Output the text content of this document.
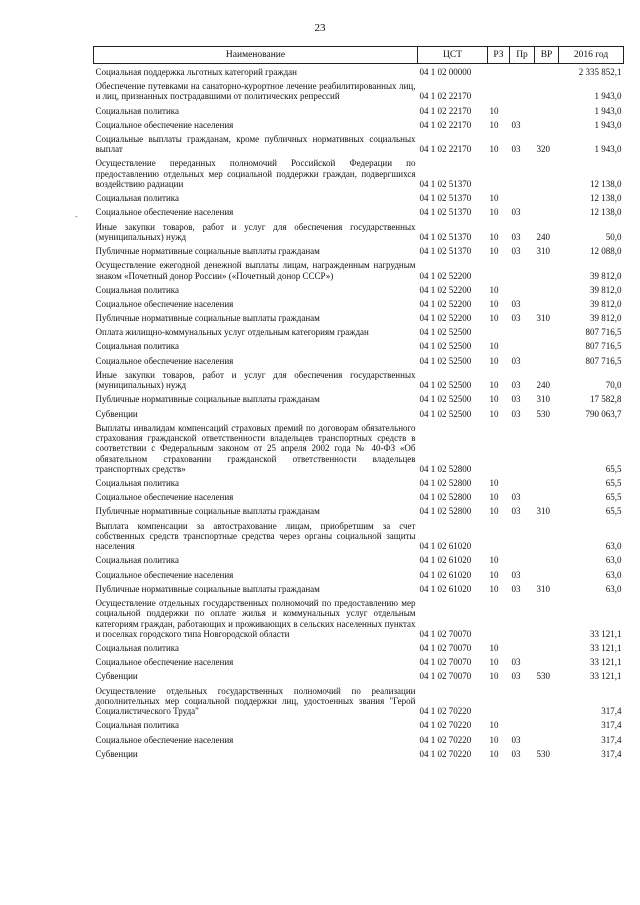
23
-
Наименование	ЦСТ	РЗ	Пр	ВР	2016 год
Социальная поддержка льготных категорий граждан	04 1 02 00000				2 335 852,1
Обеспечение путевками на санаторно-курортное лечение реабилитированных лиц, и лиц, признанных пострадавшими от политических репрессий	04 1 02 22170				1 943,0
Социальная политика	04 1 02 22170	10			1 943,0
Социальное обеспечение населения	04 1 02 22170	10	03		1 943,0
Социальные выплаты гражданам, кроме публичных нормативных социальных выплат	04 1 02 22170	10	03	320	1 943,0
Осуществление переданных полномочий Российской Федерации по предоставлению отдельных мер социальной поддержки граждан, подвергшихся воздействию радиации	04 1 02 51370				12 138,0
Социальная политика	04 1 02 51370	10			12 138,0
Социальное обеспечение населения	04 1 02 51370	10	03		12 138,0
Иные закупки товаров, работ и услуг для обеспечения государственных (муниципальных) нужд	04 1 02 51370	10	03	240	50,0
Публичные нормативные социальные выплаты гражданам	04 1 02 51370	10	03	310	12 088,0
Осуществление ежегодной денежной выплаты лицам, награжденным нагрудным знаком «Почетный донор России» («Почетный донор СССР»)	04 1 02 52200				39 812,0
Социальная политика	04 1 02 52200	10			39 812,0
Социальное обеспечение населения	04 1 02 52200	10	03		39 812,0
Публичные нормативные социальные выплаты гражданам	04 1 02 52200	10	03	310	39 812,0
Оплата жилищно-коммунальных услуг отдельным категориям граждан	04 1 02 52500				807 716,5
Социальная политика	04 1 02 52500	10			807 716,5
Социальное обеспечение населения	04 1 02 52500	10	03		807 716,5
Иные закупки товаров, работ и услуг для обеспечения государственных (муниципальных) нужд	04 1 02 52500	10	03	240	70,0
Публичные нормативные социальные выплаты гражданам	04 1 02 52500	10	03	310	17 582,8
Субвенции	04 1 02 52500	10	03	530	790 063,7
Выплаты инвалидам компенсаций страховых премий по договорам обязательного страхования гражданской ответственности владельцев транспортных средств в соответствии с Федеральным законом от 25 апреля 2002 года № 40-ФЗ «Об обязательном страховании гражданской ответственности владельцев транспортных средств»	04 1 02 52800				65,5
Социальная политика	04 1 02 52800	10			65,5
Социальное обеспечение населения	04 1 02 52800	10	03		65,5
Публичные нормативные социальные выплаты гражданам	04 1 02 52800	10	03	310	65,5
Выплата компенсации за автострахование лицам, приобретшим за счет собственных средств транспортные средства через органы социальной защиты населения	04 1 02 61020				63,0
Социальная политика	04 1 02 61020	10			63,0
Социальное обеспечение населения	04 1 02 61020	10	03		63,0
Публичные нормативные социальные выплаты гражданам	04 1 02 61020	10	03	310	63,0
Осуществление отдельных государственных полномочий по предоставлению мер социальной поддержки по оплате жилья и коммунальных услуг отдельным категориям граждан, работающих и проживающих в сельских населенных пунктах и поселках городского типа Новгородской области	04 1 02 70070				33 121,1
Социальная политика	04 1 02 70070	10			33 121,1
Социальное обеспечение населения	04 1 02 70070	10	03		33 121,1
Субвенции	04 1 02 70070	10	03	530	33 121,1
Осуществление отдельных государственных полномочий по реализации дополнительных мер социальной поддержки лиц, удостоенных звания "Герой Социалистического Труда"	04 1 02 70220				317,4
Социальная политика	04 1 02 70220	10			317,4
Социальное обеспечение населения	04 1 02 70220	10	03		317,4
Субвенции	04 1 02 70220	10	03	530	317,4
